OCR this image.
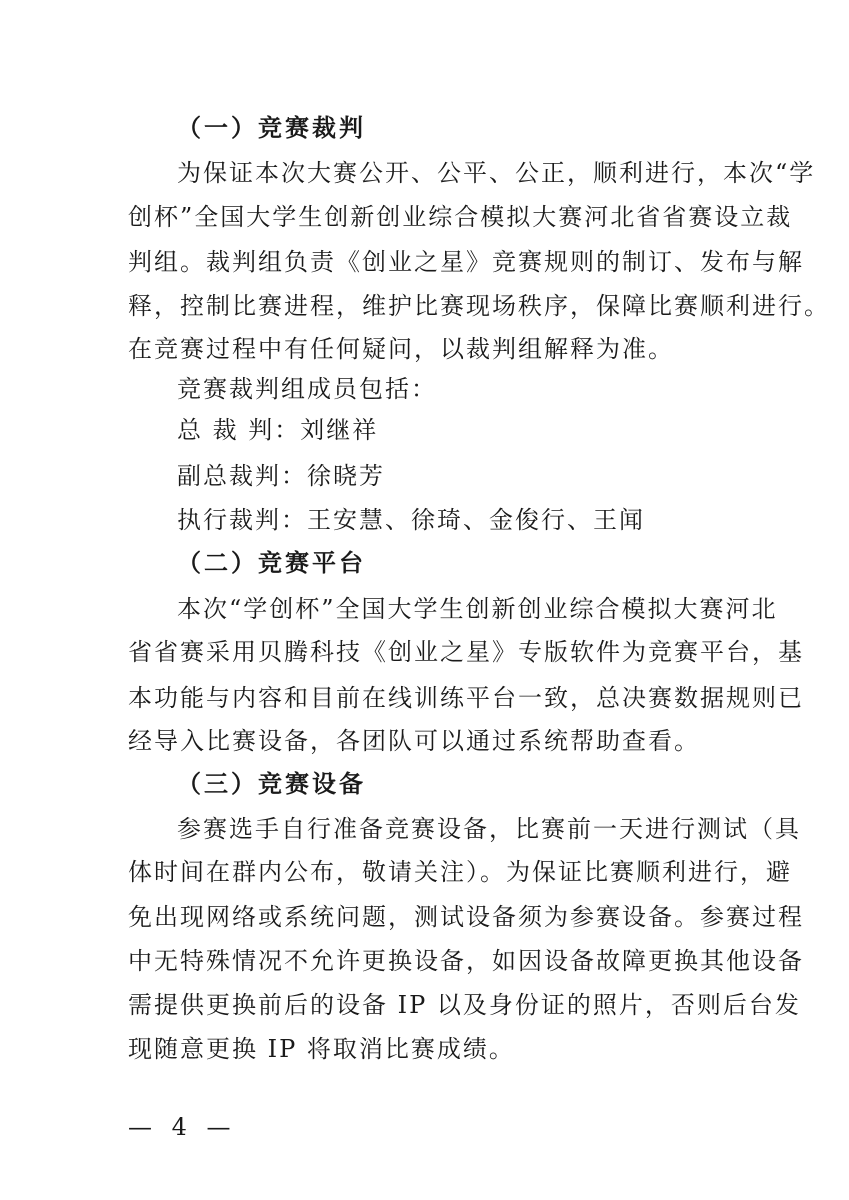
（一）竞赛裁判
为保证本次大赛公开、公平、公正，顺利进行，本次“学
创杯”全国大学生创新创业综合模拟大赛河北省省赛设立裁
判组。裁判组负责《创业之星》竞赛规则的制订、发布与解
释，控制比赛进程，维护比赛现场秩序，保障比赛顺利进行。
在竞赛过程中有任何疑问，以裁判组解释为准。
竞赛裁判组成员包括：
总 裁 判：刘继祥
副总裁判：徐晓芳
执行裁判：王安慧、徐琦、金俊行、王闻
（二）竞赛平台
本次“学创杯”全国大学生创新创业综合模拟大赛河北
省省赛采用贝腾科技《创业之星》专版软件为竞赛平台，基
本功能与内容和目前在线训练平台一致，总决赛数据规则已
经导入比赛设备，各团队可以通过系统帮助查看。
（三）竞赛设备
参赛选手自行准备竞赛设备，比赛前一天进行测试（具
体时间在群内公布，敬请关注）。为保证比赛顺利进行，避
免出现网络或系统问题，测试设备须为参赛设备。参赛过程
中无特殊情况不允许更换设备，如因设备故障更换其他设备
需提供更换前后的设备 IP 以及身份证的照片，否则后台发
现随意更换 IP 将取消比赛成绩。
— 4 —
